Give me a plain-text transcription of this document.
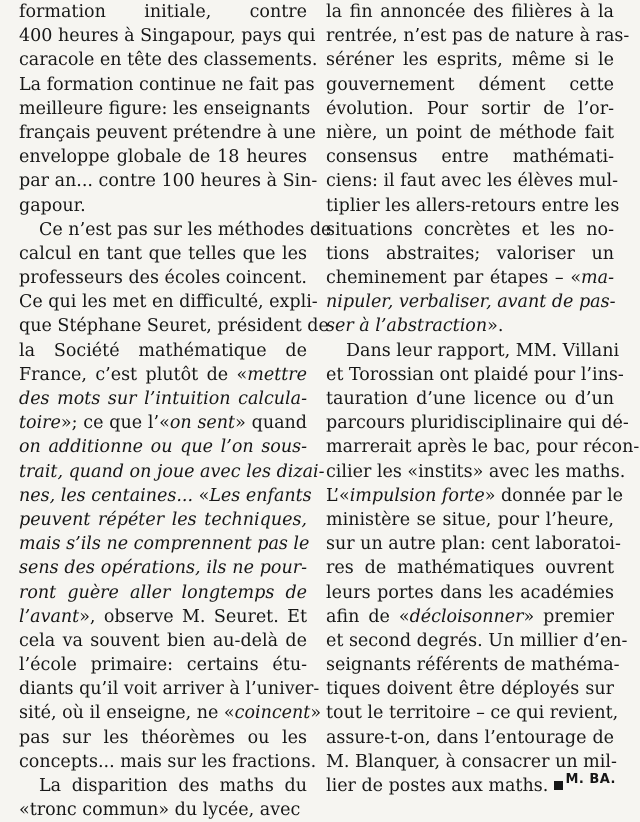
formation initiale, contre
400 heures à Singapour, pays qui
caracole en tête des classements.
La formation continue ne fait pas
meilleure figure: les enseignants
français peuvent prétendre à une
enveloppe globale de 18 heures
par an... contre 100 heures à Sin-
gapour.
Ce n’est pas sur les méthodes de
calcul en tant que telles que les
professeurs des écoles coincent.
Ce qui les met en difficulté, expli-
que Stéphane Seuret, président de
la Société mathématique de
France, c’est plutôt de «mettre
des mots sur l’intuition calcula-
toire»; ce que l’«on sent» quand
on additionne ou que l’on sous-
trait, quand on joue avec les dizai-
nes, les centaines... «Les enfants
peuvent répéter les techniques,
mais s’ils ne comprennent pas le
sens des opérations, ils ne pour-
ront guère aller longtemps de
l’avant», observe M. Seuret. Et
cela va souvent bien au-delà de
l’école primaire: certains étu-
diants qu’il voit arriver à l’univer-
sité, où il enseigne, ne «coincent»
pas sur les théorèmes ou les
concepts... mais sur les fractions.
La disparition des maths du
«tronc commun» du lycée, avec
la fin annoncée des filières à la
rentrée, n’est pas de nature à ras-
séréner les esprits, même si le
gouvernement dément cette
évolution. Pour sortir de l’or-
nière, un point de méthode fait
consensus entre mathémati-
ciens: il faut avec les élèves mul-
tiplier les allers-retours entre les
situations concrètes et les no-
tions abstraites; valoriser un
cheminement par étapes – «ma-
nipuler, verbaliser, avant de pas-
ser à l’abstraction».
Dans leur rapport, MM. Villani
et Torossian ont plaidé pour l’ins-
tauration d’une licence ou d’un
parcours pluridisciplinaire qui dé-
marrerait après le bac, pour récon-
cilier les «instits» avec les maths.
L’«impulsion forte» donnée par le
ministère se situe, pour l’heure,
sur un autre plan: cent laboratoi-
res de mathématiques ouvrent
leurs portes dans les académies
afin de «décloisonner» premier
et second degrés. Un millier d’en-
seignants référents de mathéma-
tiques doivent être déployés sur
tout le territoire – ce qui revient,
assure-t-on, dans l’entourage de
M. Blanquer, à consacrer un mil-
lier de postes aux maths.	M. BA.
